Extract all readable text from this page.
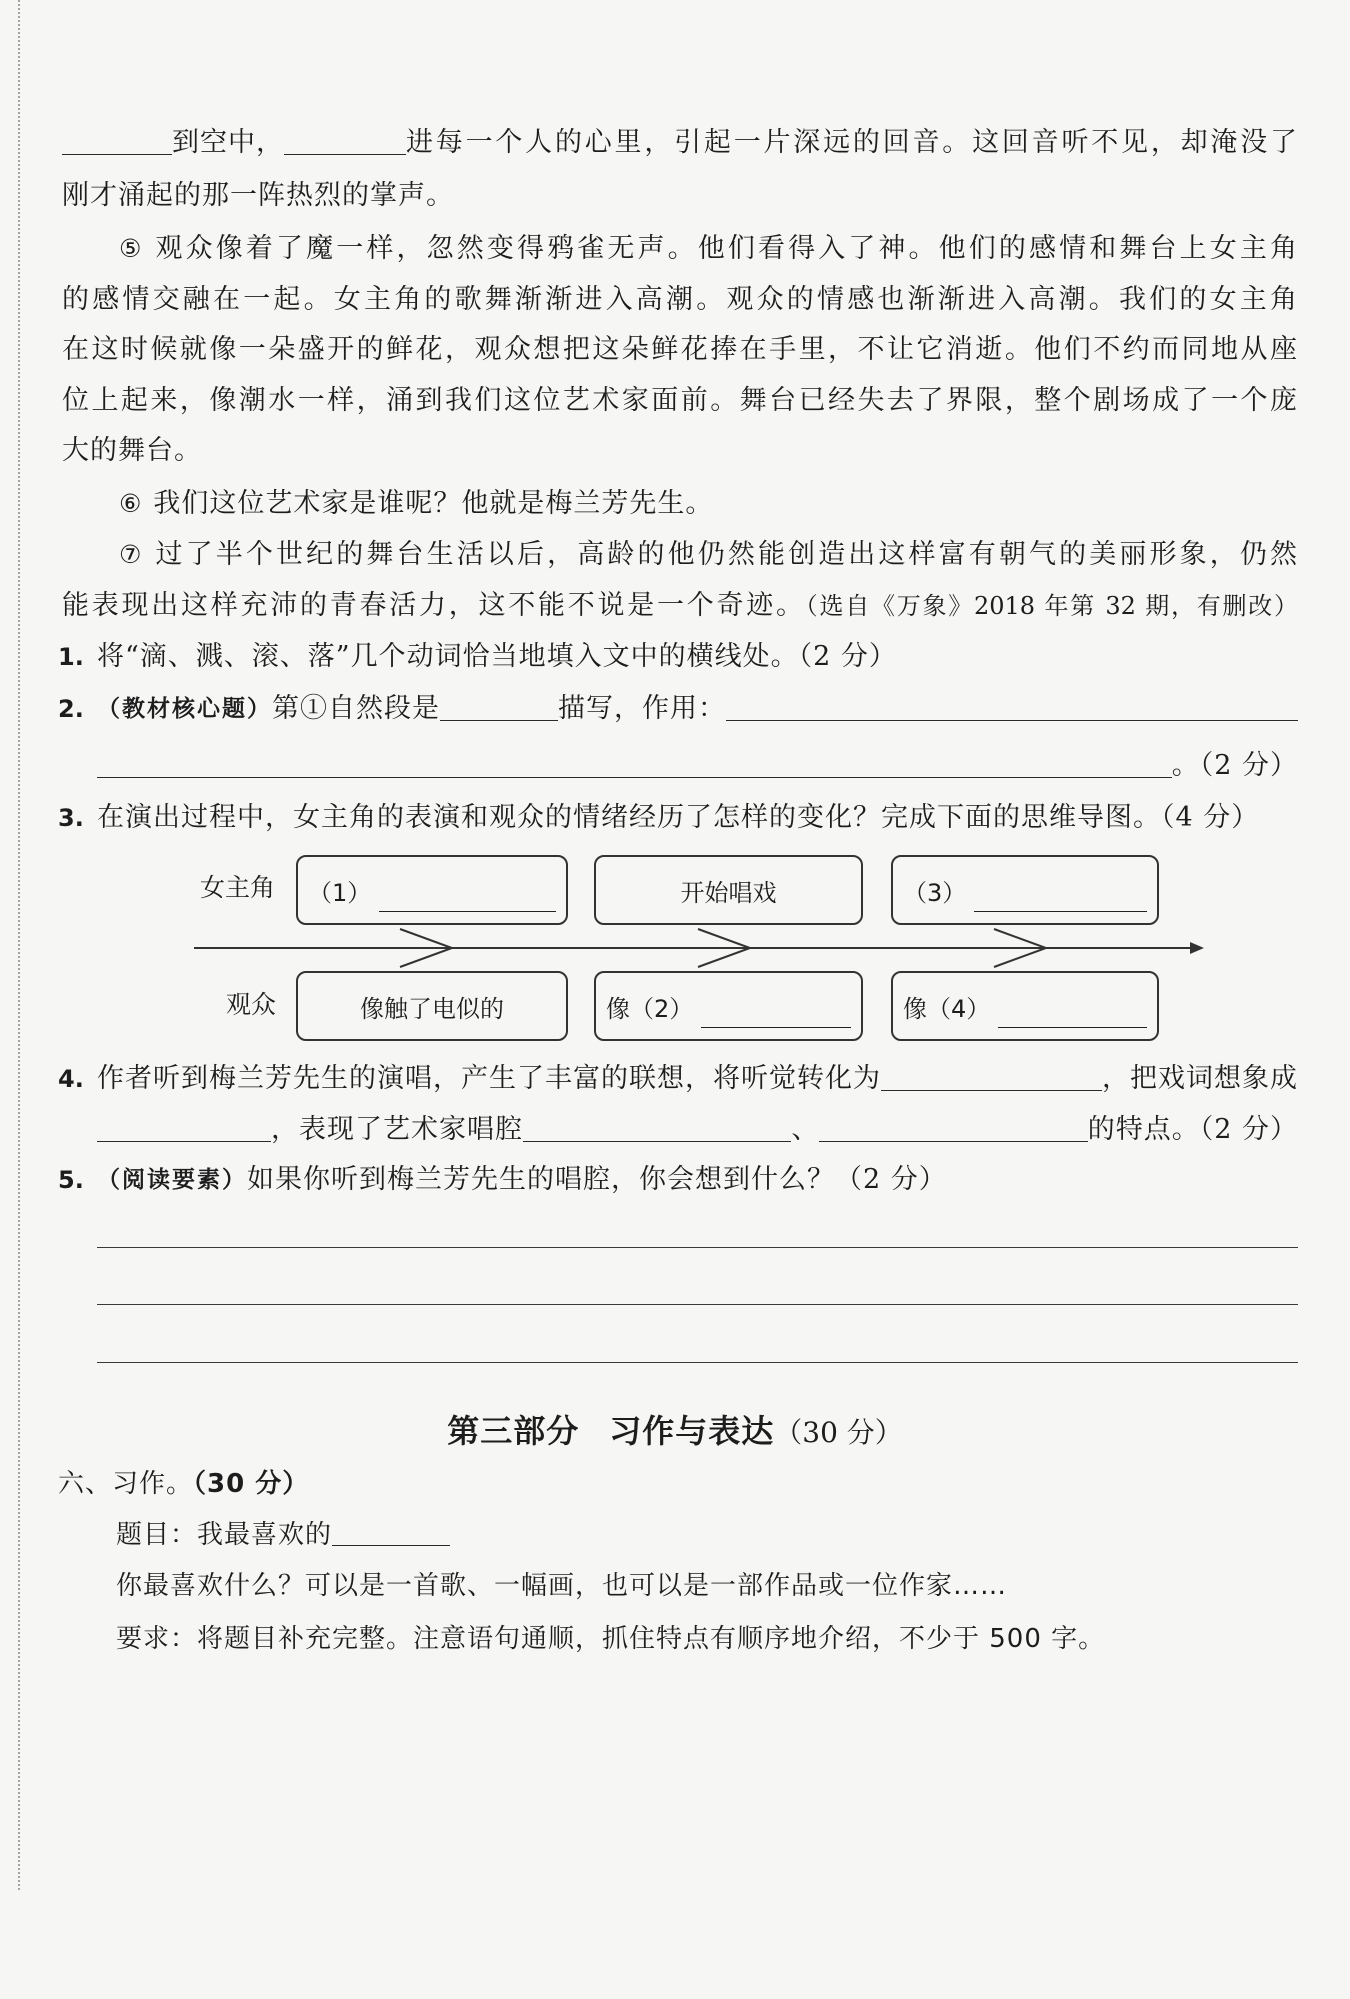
到空中，	进每一个人的心里，引起一片深远的回音。这回音听不见，却淹没了
刚才涌起的那一阵热烈的掌声。
⑤ 观众像着了魔一样，忽然变得鸦雀无声。他们看得入了神。他们的感情和舞台上女主角
的感情交融在一起。女主角的歌舞渐渐进入高潮。观众的情感也渐渐进入高潮。我们的女主角
在这时候就像一朵盛开的鲜花，观众想把这朵鲜花捧在手里，不让它消逝。他们不约而同地从座
位上起来，像潮水一样，涌到我们这位艺术家面前。舞台已经失去了界限，整个剧场成了一个庞
大的舞台。
⑥ 我们这位艺术家是谁呢？他就是梅兰芳先生。
⑦ 过了半个世纪的舞台生活以后，高龄的他仍然能创造出这样富有朝气的美丽形象，仍然
能表现出这样充沛的青春活力，这不能不说是一个奇迹。（选自《万象》2018 年第 32 期，有删改）
1. 将“滴、溅、滚、落”几个动词恰当地填入文中的横线处。（2 分）
2. （教材核心题） 第①自然段是	描写，作用：
。（2 分）
3. 在演出过程中，女主角的表演和观众的情绪经历了怎样的变化？完成下面的思维导图。（4 分）
女主角
观众
（1）	开始唱戏	（3）
像触了电似的	像（2）	像（4）
4. 作者听到梅兰芳先生的演唱，产生了丰富的联想，将听觉转化为	，把戏词想象成
，表现了艺术家唱腔	、	的特点。（2 分）
5. （阅读要素） 如果你听到梅兰芳先生的唱腔，你会想到什么？（2 分）
第三部分 习作与表达（30 分）
六、习作。（30 分）
题目：我最喜欢的
你最喜欢什么？可以是一首歌、一幅画，也可以是一部作品或一位作家……
要求：将题目补充完整。注意语句通顺，抓住特点有顺序地介绍，不少于 500 字。
